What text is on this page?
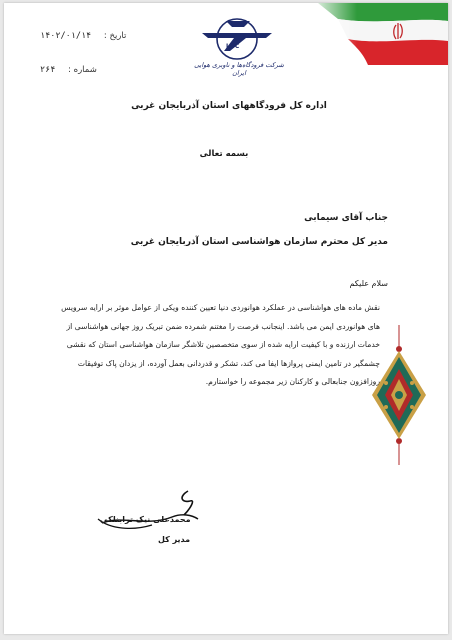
شرکت فرودگاه‌ها و ناوبری هوایی ایران
IAC
تاریخ : ۱۴۰۲/۰۱/۱۴
شماره : ۲۶۴
اداره کل فرودگاههای استان آذربایجان غربی
بسمه تعالی
جناب آقای سیمابی
مدیر کل محترم سازمان هواشناسی استان آذربایجان غربی
سلام علیکم
نقش ماده های هواشناسی در عملکرد هوانوردی دنیا تعیین کننده ویکی از عوامل موثر بر ارایه سرویس
های هوانوردی ایمن می باشد. اینجانب فرصت را مغتنم شمرده ضمن تبریک روز جهانی هواشناسی از
خدمات ارزنده و با کیفیت ارایه شده از سوی متخصصین تلاشگر سازمان هواشناسی استان که نقشی
چشمگیر در تامین ایمنی پروازها ایفا می کند، تشکر و قدردانی بعمل آورده، از یزدان پاک توفیقات
روزافزون جنابعالی و کارکنان زیر مجموعه را خواستارم.
محمدعلی نیک ترابنلکی
مدیر کل
